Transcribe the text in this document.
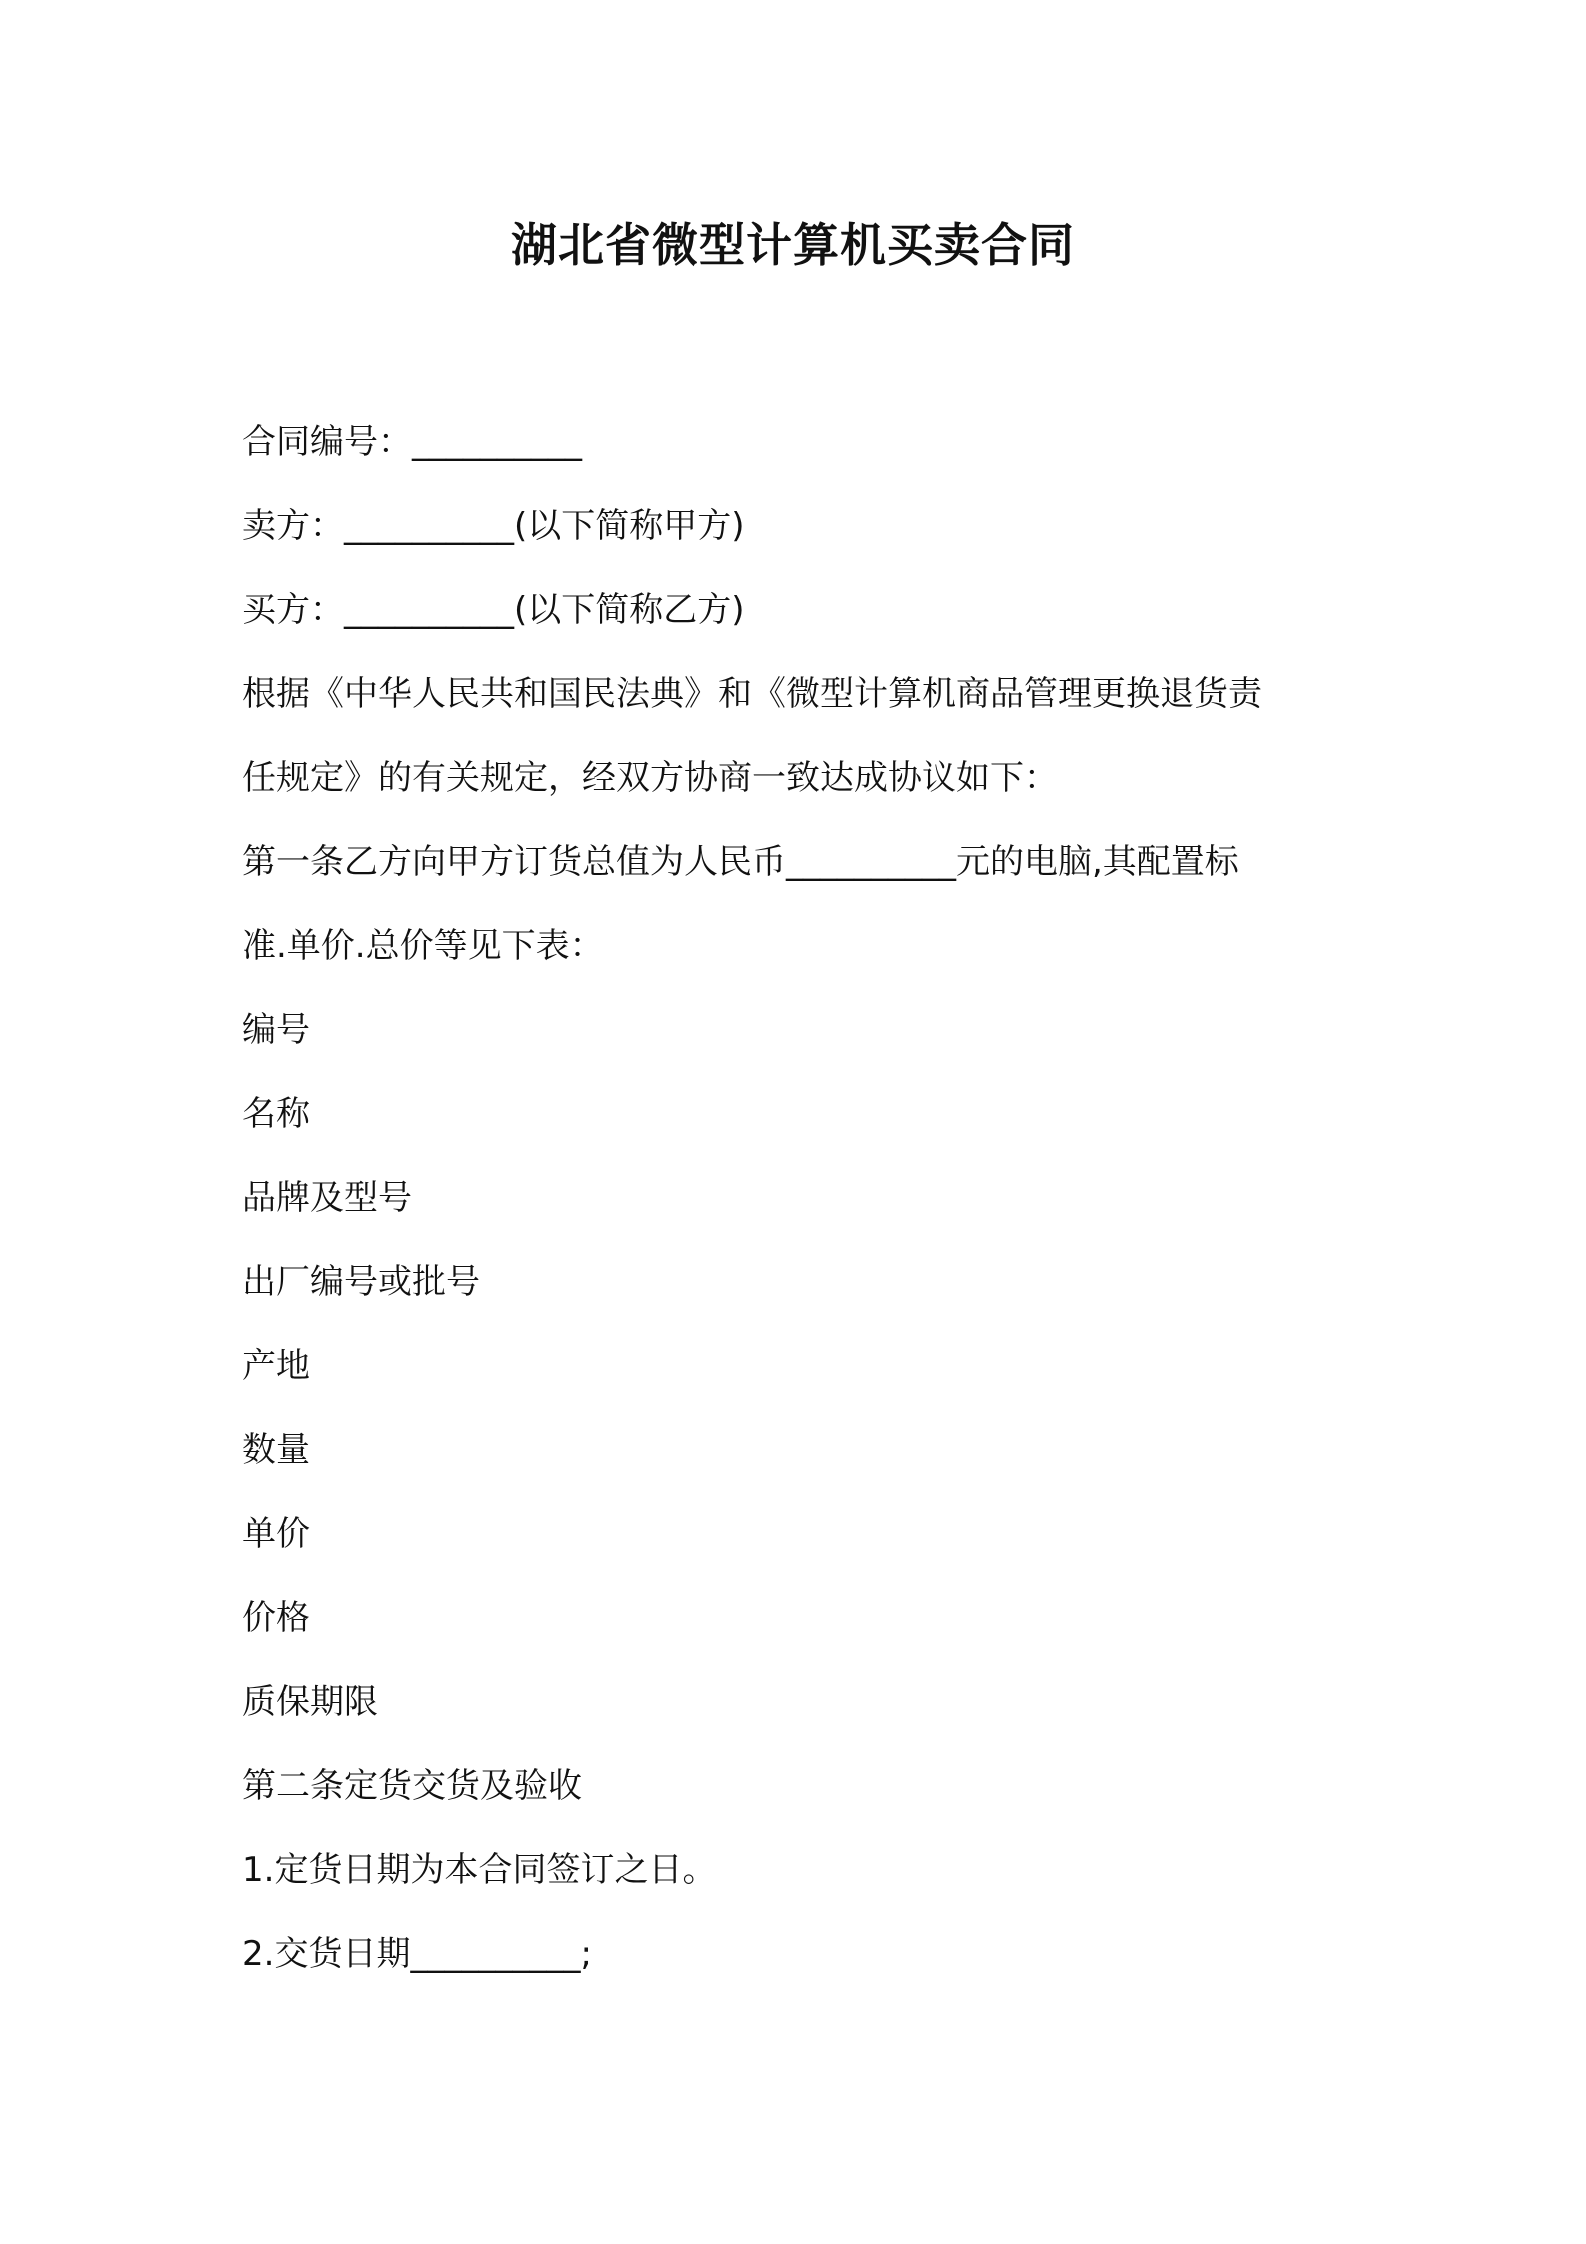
湖北省微型计算机买卖合同
合同编号：__________
卖方：__________(以下简称甲方)
买方：__________(以下简称乙方)
根据《中华人民共和国民法典》和《微型计算机商品管理更换退货责
任规定》的有关规定，经双方协商一致达成协议如下：
第一条乙方向甲方订货总值为人民币__________元的电脑,其配置标
准.单价.总价等见下表：
编号
名称
品牌及型号
出厂编号或批号
产地
数量
单价
价格
质保期限
第二条定货交货及验收
1.定货日期为本合同签订之日。
2.交货日期__________;
